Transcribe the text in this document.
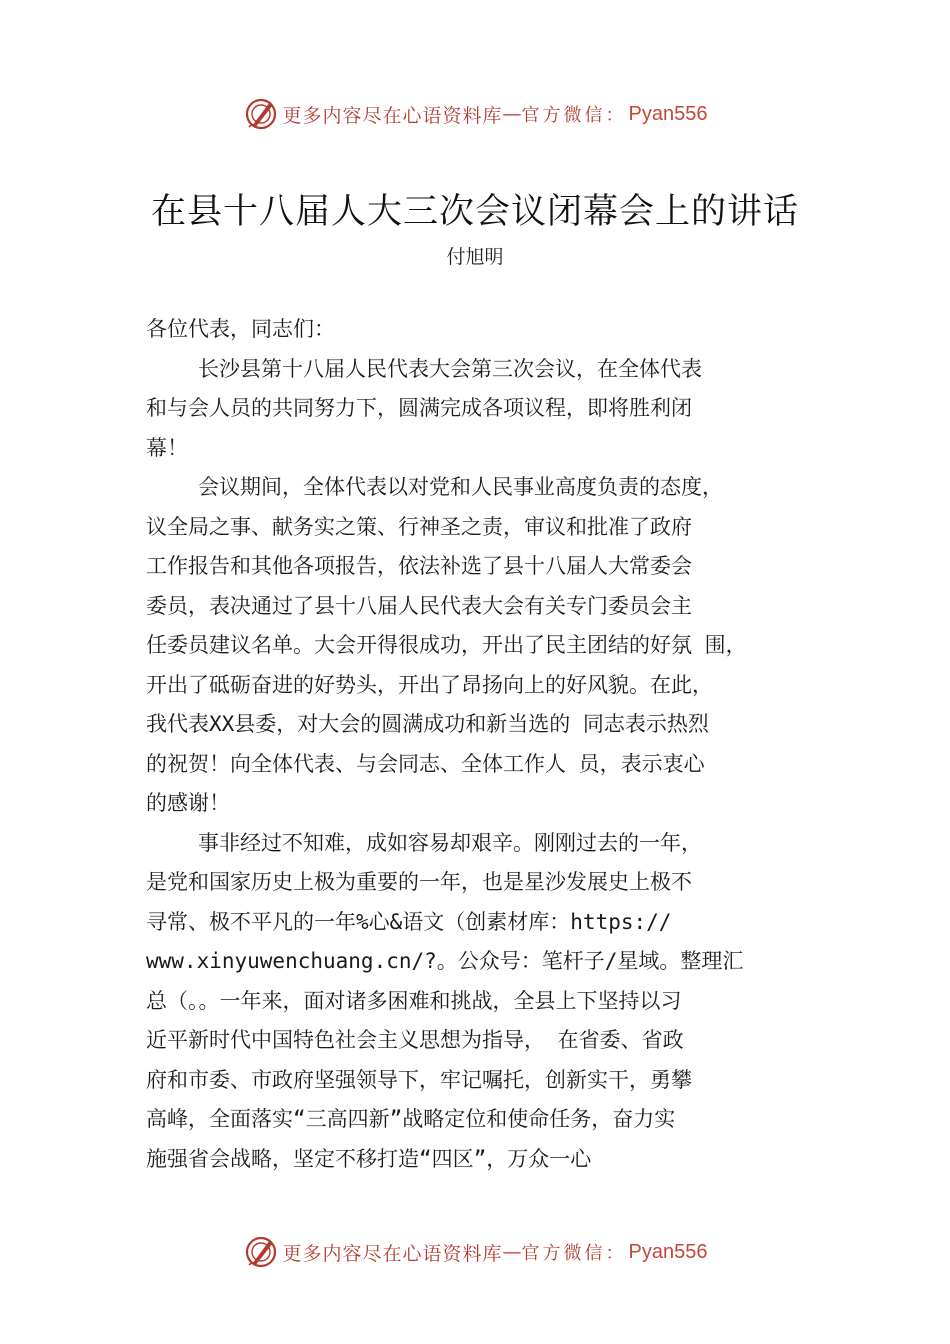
更多内容尽在心语资料库 — 官方微信： Pyan556
在县十八届人大三次会议闭幕会上的讲话
付旭明
各位代表，同志们：
长沙县第十八届人民代表大会第三次会议，在全体代表
和与会人员的共同努力下，圆满完成各项议程，即将胜利闭
幕！
会议期间，全体代表以对党和人民事业高度负责的态度，
议全局之事、献务实之策、行神圣之责，审议和批准了政府
工作报告和其他各项报告，依法补选了县十八届人大常委会
委员，表决通过了县十八届人民代表大会有关专门委员会主
任委员建议名单。大会开得很成功，开出了民主团结的好氛 围，
开出了砥砺奋进的好势头，开出了昂扬向上的好风貌。在此，
我代表XX县委，对大会的圆满成功和新当选的 同志表示热烈
的祝贺！向全体代表、与会同志、全体工作人 员，表示衷心
的感谢！
事非经过不知难，成如容易却艰辛。刚刚过去的一年，
是党和国家历史上极为重要的一年，也是星沙发展史上极不
寻常、极不平凡的一年%心&语文（创素材库：https://
www.xinyuwenchuang.cn/?。公众号：笔杆子/星域。整理汇
总（。。一年来，面对诸多困难和挑战，全县上下坚持以习
近平新时代中国特色社会主义思想为指导， 在省委、省政
府和市委、市政府坚强领导下，牢记嘱托，创新实干，勇攀
高峰，全面落实“三高四新”战略定位和使命任务，奋力实
施强省会战略，坚定不移打造“四区”，万众一心
更多内容尽在心语资料库 — 官方微信： Pyan556
